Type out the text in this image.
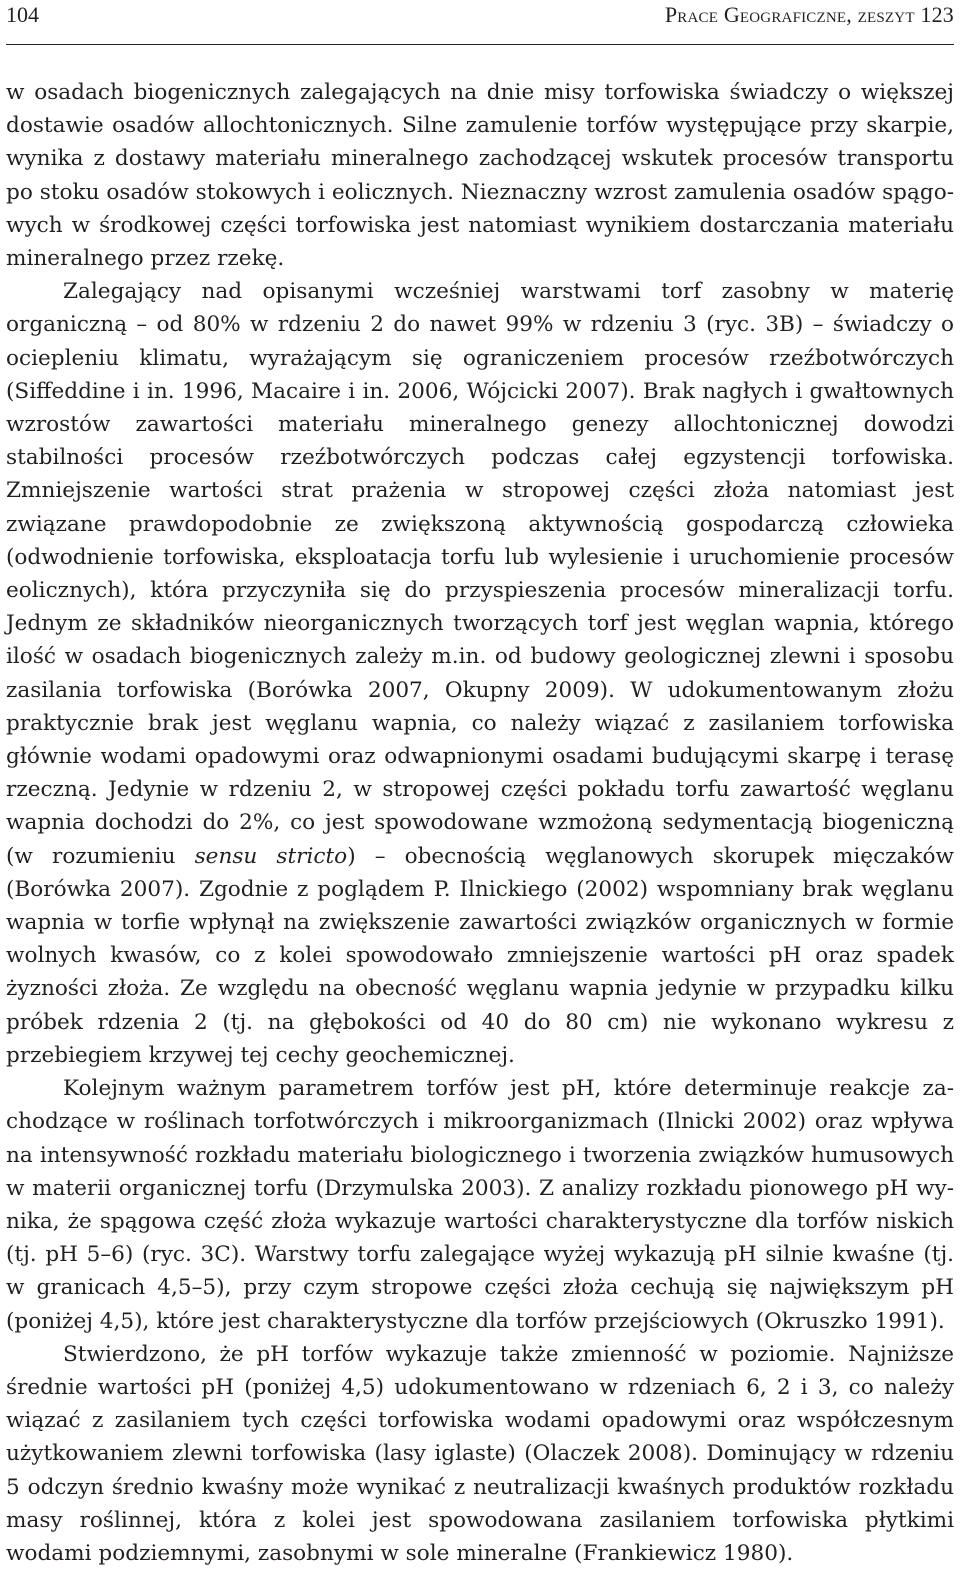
104	Prace Geograficzne, zeszyt 123

w osadach biogenicznych zalegających na dnie misy torfowiska świadczy o większej dostawie osadów allochtonicznych. Silne zamulenie torfów występujące przy skarpie, wynika z dostawy materiału mineralnego zachodzącej wskutek procesów transportu po stoku osadów stokowych i eolicznych. Nieznaczny wzrost zamulenia osadów spągowych w środkowej części torfowiska jest natomiast wynikiem dostarczania materiału mineralnego przez rzekę.

Zalegający nad opisanymi wcześniej warstwami torf zasobny w materię organiczną – od 80% w rdzeniu 2 do nawet 99% w rdzeniu 3 (ryc. 3B) – świadczy o ociepleniu klimatu, wyrażającym się ograniczeniem procesów rzeźbotwórczych (Siffeddine i in. 1996, Macaire i in. 2006, Wójcicki 2007). Brak nagłych i gwałtownych wzrostów zawartości materiału mineralnego genezy allochtonicznej dowodzi stabilności procesów rzeźbotwórczych podczas całej egzystencji torfowiska. Zmniejszenie wartości strat prażenia w stropowej części złoża natomiast jest związane prawdopodobnie ze zwiększoną aktywnością gospodarczą człowieka (odwodnienie torfowiska, eksploatacja torfu lub wylesienie i uruchomienie procesów eolicznych), która przyczyniła się do przyspieszenia procesów mineralizacji torfu. Jednym ze składników nieorganicznych tworzących torf jest węglan wapnia, którego ilość w osadach biogenicznych zależy m.in. od budowy geologicznej zlewni i sposobu zasilania torfowiska (Borówka 2007, Okupny 2009). W udokumentowanym złożu praktycznie brak jest węglanu wapnia, co należy wiązać z zasilaniem torfowiska głównie wodami opadowymi oraz odwapnionymi osadami budującymi skarpę i terasę rzeczną. Jedynie w rdzeniu 2, w stropowej części pokładu torfu zawartość węglanu wapnia dochodzi do 2%, co jest spowodowane wzmożoną sedymentacją biogeniczną (w rozumieniu sensu stricto) – obecnością węglanowych skorupek mięczaków (Borówka 2007). Zgodnie z poglądem P. Ilnickiego (2002) wspomniany brak węglanu wapnia w torfie wpłynął na zwiększenie zawartości związków organicznych w formie wolnych kwasów, co z kolei spowodowało zmniejszenie wartości pH oraz spadek żyzności złoża. Ze względu na obecność węglanu wapnia jedynie w przypadku kilku próbek rdzenia 2 (tj. na głębokości od 40 do 80 cm) nie wykonano wykresu z przebiegiem krzywej tej cechy geochemicznej.

Kolejnym ważnym parametrem torfów jest pH, które determinuje reakcje zachodzące w roślinach torfotwórczych i mikroorganizmach (Ilnicki 2002) oraz wpływa na intensywność rozkładu materiału biologicznego i tworzenia związków humusowych w materii organicznej torfu (Drzymulska 2003). Z analizy rozkładu pionowego pH wynika, że spągowa część złoża wykazuje wartości charakterystyczne dla torfów niskich (tj. pH 5–6) (ryc. 3C). Warstwy torfu zalegające wyżej wykazują pH silnie kwaśne (tj. w granicach 4,5–5), przy czym stropowe części złoża cechują się największym pH (poniżej 4,5), które jest charakterystyczne dla torfów przejściowych (Okruszko 1991).

Stwierdzono, że pH torfów wykazuje także zmienność w poziomie. Najniższe średnie wartości pH (poniżej 4,5) udokumentowano w rdzeniach 6, 2 i 3, co należy wiązać z zasilaniem tych części torfowiska wodami opadowymi oraz współczesnym użytkowaniem zlewni torfowiska (lasy iglaste) (Olaczek 2008). Dominujący w rdzeniu 5 odczyn średnio kwaśny może wynikać z neutralizacji kwaśnych produktów rozkładu masy roślinnej, która z kolei jest spowodowana zasilaniem torfowiska płytkimi wodami podziemnymi, zasobnymi w sole mineralne (Frankiewicz 1980).
